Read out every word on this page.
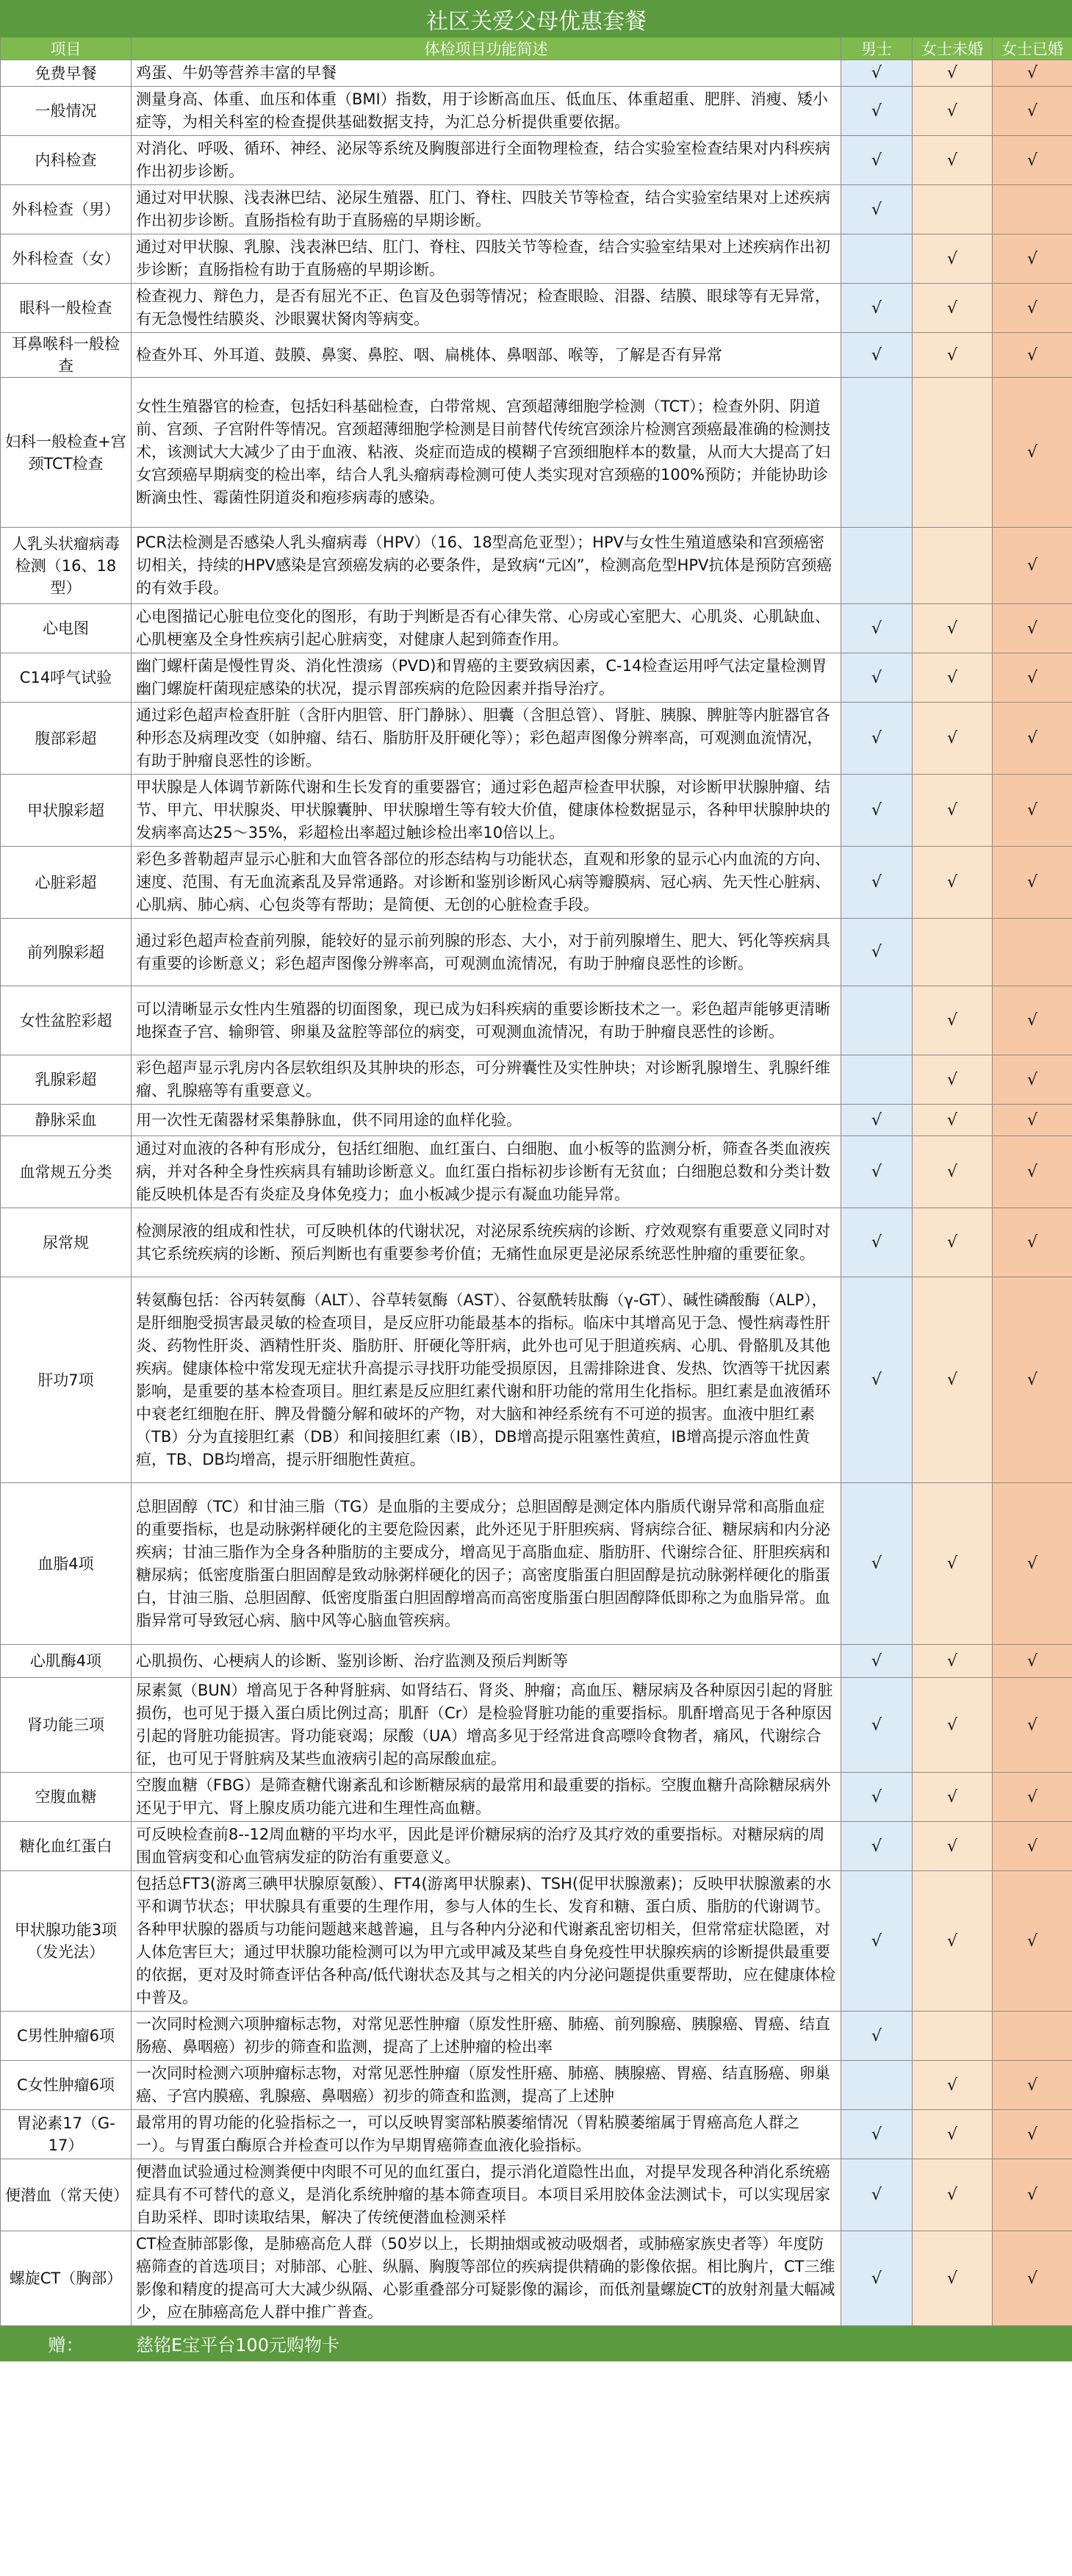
社区关爱父母优惠套餐				
项目	体检项目功能简述	男士	女士未婚	女士已婚
免费早餐	鸡蛋、牛奶等营养丰富的早餐	√	√	√
一般情况	测量身高、体重、血压和体重（BMI）指数，用于诊断高血压、低血压、体重超重、肥胖、消瘦、矮小症等，为相关科室的检查提供基础数据支持，为汇总分析提供重要依据。	√	√	√
内科检查	对消化、呼吸、循环、神经、泌尿等系统及胸腹部进行全面物理检查，结合实验室检查结果对内科疾病作出初步诊断。	√	√	√
外科检查（男）	通过对甲状腺、浅表淋巴结、泌尿生殖器、肛门、脊柱、四肢关节等检查，结合实验室结果对上述疾病作出初步诊断。直肠指检有助于直肠癌的早期诊断。	√		
外科检查（女）	通过对甲状腺、乳腺、浅表淋巴结、肛门、脊柱、四肢关节等检查，结合实验室结果对上述疾病作出初步诊断；直肠指检有助于直肠癌的早期诊断。		√	√
眼科一般检查	检查视力、辩色力，是否有屈光不正、色盲及色弱等情况；检查眼睑、泪器、结膜、眼球等有无异常，有无急慢性结膜炎、沙眼翼状胬肉等病变。	√	√	√
耳鼻喉科一般检查	检查外耳、外耳道、鼓膜、鼻窦、鼻腔、咽、扁桃体、鼻咽部、喉等，了解是否有异常	√	√	√
妇科一般检查+宫颈TCT检查	女性生殖器官的检查，包括妇科基础检查，白带常规、宫颈超薄细胞学检测（TCT）；检查外阴、阴道前、宫颈、子宫附件等情况。宫颈超薄细胞学检测是目前替代传统宫颈涂片检测宫颈癌最准确的检测技术，该测试大大减少了由于血液、粘液、炎症而造成的模糊子宫颈细胞样本的数量，从而大大提高了妇女宫颈癌早期病变的检出率，结合人乳头瘤病毒检测可使人类实现对宫颈癌的100%预防；并能协助诊断滴虫性、霉菌性阴道炎和疱疹病毒的感染。			√
人乳头状瘤病毒检测（16、18型）	PCR法检测是否感染人乳头瘤病毒（HPV）（16、18型高危亚型）；HPV与女性生殖道感染和宫颈癌密切相关，持续的HPV感染是宫颈癌发病的必要条件，是致病“元凶”，检测高危型HPV抗体是预防宫颈癌的有效手段。			√
心电图	心电图描记心脏电位变化的图形，有助于判断是否有心律失常、心房或心室肥大、心肌炎、心肌缺血、心肌梗塞及全身性疾病引起心脏病变，对健康人起到筛查作用。	√	√	√
C14呼气试验	幽门螺杆菌是慢性胃炎、消化性溃疡（PVD)和胃癌的主要致病因素，C-14检查运用呼气法定量检测胃幽门螺旋杆菌现症感染的状况，提示胃部疾病的危险因素并指导治疗。	√	√	√
腹部彩超	通过彩色超声检查肝脏（含肝内胆管、肝门静脉）、胆囊（含胆总管）、肾脏、胰腺、脾脏等内脏器官各种形态及病理改变（如肿瘤、结石、脂肪肝及肝硬化等）；彩色超声图像分辨率高，可观测血流情况，有助于肿瘤良恶性的诊断。	√	√	√
甲状腺彩超	甲状腺是人体调节新陈代谢和生长发育的重要器官；通过彩色超声检查甲状腺，对诊断甲状腺肿瘤、结节、甲亢、甲状腺炎、甲状腺囊肿、甲状腺增生等有较大价值，健康体检数据显示，各种甲状腺肿块的发病率高达25～35%，彩超检出率超过触诊检出率10倍以上。	√	√	√
心脏彩超	彩色多普勒超声显示心脏和大血管各部位的形态结构与功能状态，直观和形象的显示心内血流的方向、速度、范围、有无血流紊乱及异常通路。对诊断和鉴别诊断风心病等瓣膜病、冠心病、先天性心脏病、心肌病、肺心病、心包炎等有帮助；是简便、无创的心脏检查手段。	√	√	√
前列腺彩超	通过彩色超声检查前列腺，能较好的显示前列腺的形态、大小，对于前列腺增生、肥大、钙化等疾病具有重要的诊断意义；彩色超声图像分辨率高，可观测血流情况，有助于肿瘤良恶性的诊断。	√		
女性盆腔彩超	可以清晰显示女性内生殖器的切面图象，现已成为妇科疾病的重要诊断技术之一。彩色超声能够更清晰地探查子宫、输卵管、卵巢及盆腔等部位的病变，可观测血流情况，有助于肿瘤良恶性的诊断。		√	√
乳腺彩超	彩色超声显示乳房内各层软组织及其肿块的形态，可分辨囊性及实性肿块；对诊断乳腺增生、乳腺纤维瘤、乳腺癌等有重要意义。		√	√
静脉采血	用一次性无菌器材采集静脉血，供不同用途的血样化验。	√	√	√
血常规五分类	通过对血液的各种有形成分，包括红细胞、血红蛋白、白细胞、血小板等的监测分析，筛查各类血液疾病，并对各种全身性疾病具有辅助诊断意义。血红蛋白指标初步诊断有无贫血；白细胞总数和分类计数能反映机体是否有炎症及身体免疫力；血小板减少提示有凝血功能异常。	√	√	√
尿常规	检测尿液的组成和性状，可反映机体的代谢状况，对泌尿系统疾病的诊断、疗效观察有重要意义同时对其它系统疾病的诊断、预后判断也有重要参考价值；无痛性血尿更是泌尿系统恶性肿瘤的重要征象。	√	√	√
肝功7项	转氨酶包括：谷丙转氨酶（ALT）、谷草转氨酶（AST）、谷氨酰转肽酶（γ-GT）、碱性磷酸酶（ALP），是肝细胞受损害最灵敏的检查项目，是反应肝功能最基本的指标。临床中其增高见于急、慢性病毒性肝炎、药物性肝炎、酒精性肝炎、脂肪肝、肝硬化等肝病，此外也可见于胆道疾病、心肌、骨骼肌及其他疾病。健康体检中常发现无症状升高提示寻找肝功能受损原因，且需排除进食、发热、饮酒等干扰因素影响，是重要的基本检查项目。胆红素是反应胆红素代谢和肝功能的常用生化指标。胆红素是血液循环中衰老红细胞在肝、脾及骨髓分解和破坏的产物，对大脑和神经系统有不可逆的损害。血液中胆红素（TB）分为直接胆红素（DB）和间接胆红素（IB），DB增高提示阻塞性黄疸，IB增高提示溶血性黄疸，TB、DB均增高，提示肝细胞性黄疸。	√	√	√
血脂4项	总胆固醇（TC）和甘油三脂（TG）是血脂的主要成分；总胆固醇是测定体内脂质代谢异常和高脂血症的重要指标，也是动脉粥样硬化的主要危险因素，此外还见于肝胆疾病、肾病综合征、糖尿病和内分泌疾病；甘油三脂作为全身各种脂肪的主要成分，增高见于高脂血症、脂肪肝、代谢综合征、肝胆疾病和糖尿病；低密度脂蛋白胆固醇是致动脉粥样硬化的因子；高密度脂蛋白胆固醇是抗动脉粥样硬化的脂蛋白，甘油三脂、总胆固醇、低密度脂蛋白胆固醇增高而高密度脂蛋白胆固醇降低即称之为血脂异常。血脂异常可导致冠心病、脑中风等心脑血管疾病。	√	√	√
心肌酶4项	心肌损伤、心梗病人的诊断、鉴别诊断、治疗监测及预后判断等	√	√	√
肾功能三项	尿素氮（BUN）增高见于各种肾脏病、如肾结石、肾炎、肿瘤；高血压、糖尿病及各种原因引起的肾脏损伤，也可见于摄入蛋白质比例过高；肌酐（Cr）是检验肾脏功能的重要指标。肌酐增高见于各种原因引起的肾脏功能损害。肾功能衰竭；尿酸（UA）增高多见于经常进食高嘌呤食物者，痛风，代谢综合征，也可见于肾脏病及某些血液病引起的高尿酸血症。	√	√	√
空腹血糖	空腹血糖（FBG）是筛查糖代谢紊乱和诊断糖尿病的最常用和最重要的指标。空腹血糖升高除糖尿病外还见于甲亢、肾上腺皮质功能亢进和生理性高血糖。	√	√	√
糖化血红蛋白	可反映检查前8--12周血糖的平均水平，因此是评价糖尿病的治疗及其疗效的重要指标。对糖尿病的周围血管病变和心血管病发症的防治有重要意义。	√	√	√
甲状腺功能3项（发光法）	包括总FT3(游离三碘甲状腺原氨酸）、FT4(游离甲状腺素)、TSH(促甲状腺激素)；反映甲状腺激素的水平和调节状态；甲状腺具有重要的生理作用，参与人体的生长、发育和糖、蛋白质、脂肪的代谢调节。各种甲状腺的器质与功能问题越来越普遍，且与各种内分泌和代谢紊乱密切相关，但常常症状隐匿，对人体危害巨大；通过甲状腺功能检测可以为甲亢或甲减及某些自身免疫性甲状腺疾病的诊断提供最重要的依据，更对及时筛查评估各种高/低代谢状态及其与之相关的内分泌问题提供重要帮助，应在健康体检中普及。	√	√	√
C男性肿瘤6项	一次同时检测六项肿瘤标志物，对常见恶性肿瘤（原发性肝癌、肺癌、前列腺癌、胰腺癌、胃癌、结直肠癌、鼻咽癌）初步的筛查和监测，提高了上述肿瘤的检出率	√		
C女性肿瘤6项	一次同时检测六项肿瘤标志物，对常见恶性肿瘤（原发性肝癌、肺癌、胰腺癌、胃癌、结直肠癌、卵巢癌、子宫内膜癌、乳腺癌、鼻咽癌）初步的筛查和监测，提高了上述肿		√	√
胃泌素17（G-17）	最常用的胃功能的化验指标之一，可以反映胃窦部粘膜萎缩情况（胃粘膜萎缩属于胃癌高危人群之一）。与胃蛋白酶原合并检查可以作为早期胃癌筛查血液化验指标。	√	√	√
便潜血（常天使）	便潜血试验通过检测粪便中肉眼不可见的血红蛋白，提示消化道隐性出血，对提早发现各种消化系统癌症具有不可替代的意义，是消化系统肿瘤的基本筛查项目。本项目采用胶体金法测试卡，可以实现居家自助采样、即时读取结果，解决了传统便潜血检测采样	√	√	√
螺旋CT（胸部）	CT检查肺部影像，是肺癌高危人群（50岁以上，长期抽烟或被动吸烟者，或肺癌家族史者等）年度防癌筛查的首选项目；对肺部、心脏、纵膈、胸腹等部位的疾病提供精确的影像依据。相比胸片，CT三维影像和精度的提高可大大减少纵隔、心影重叠部分可疑影像的漏诊，而低剂量螺旋CT的放射剂量大幅减少，应在肺癌高危人群中推广普查。	√	√	√
赠：	慈铭E宝平台100元购物卡			
